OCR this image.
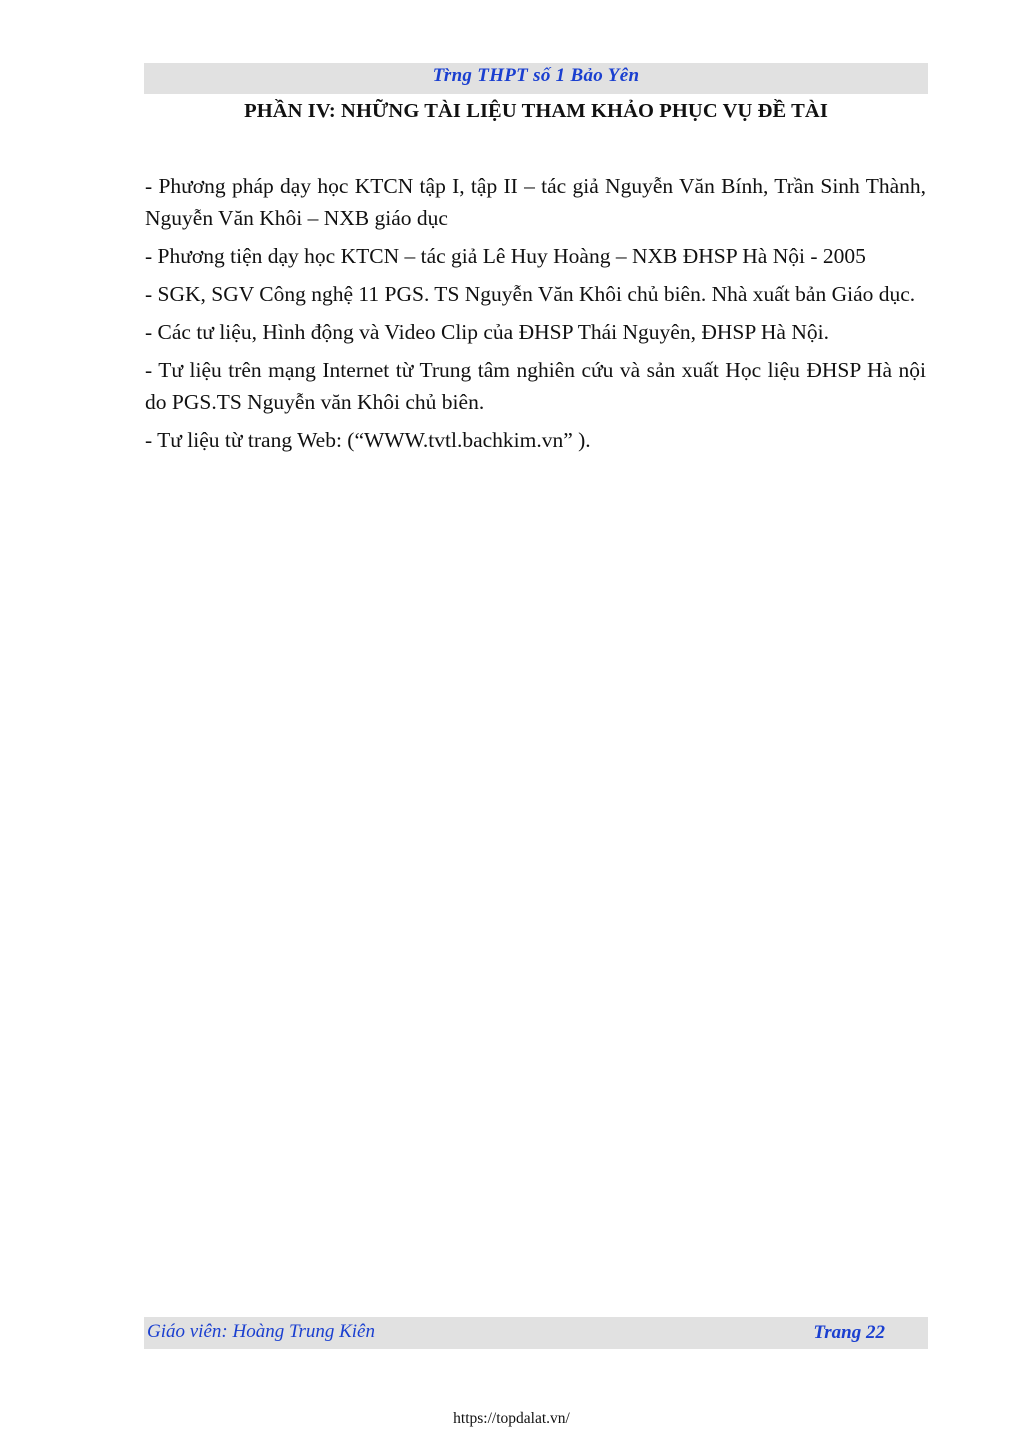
Tr̀ng THPT số 1 Bảo Yên
PHẦN IV: NHỮNG TÀI LIỆU THAM KHẢO PHỤC VỤ ĐỀ TÀI

- Phương pháp dạy học KTCN tập I, tập II – tác giả Nguyễn Văn Bính, Trần Sinh Thành, Nguyễn Văn Khôi – NXB giáo dục

- Phương tiện dạy học KTCN – tác giả Lê Huy Hoàng – NXB ĐHSP Hà Nội - 2005

- SGK, SGV Công nghệ 11 PGS. TS Nguyễn Văn Khôi chủ biên. Nhà xuất bản Giáo dục.

- Các tư liệu, Hình động và Video Clip của ĐHSP Thái Nguyên, ĐHSP Hà Nội.

- Tư liệu trên mạng Internet từ Trung tâm nghiên cứu và sản xuất Học liệu ĐHSP Hà nội do PGS.TS Nguyễn văn Khôi chủ biên.

- Tư liệu từ trang Web: (“WWW.tvtl.bachkim.vn” ).

Giáo viên: Hoàng Trung Kiên	Trang 22
https://topdalat.vn/
